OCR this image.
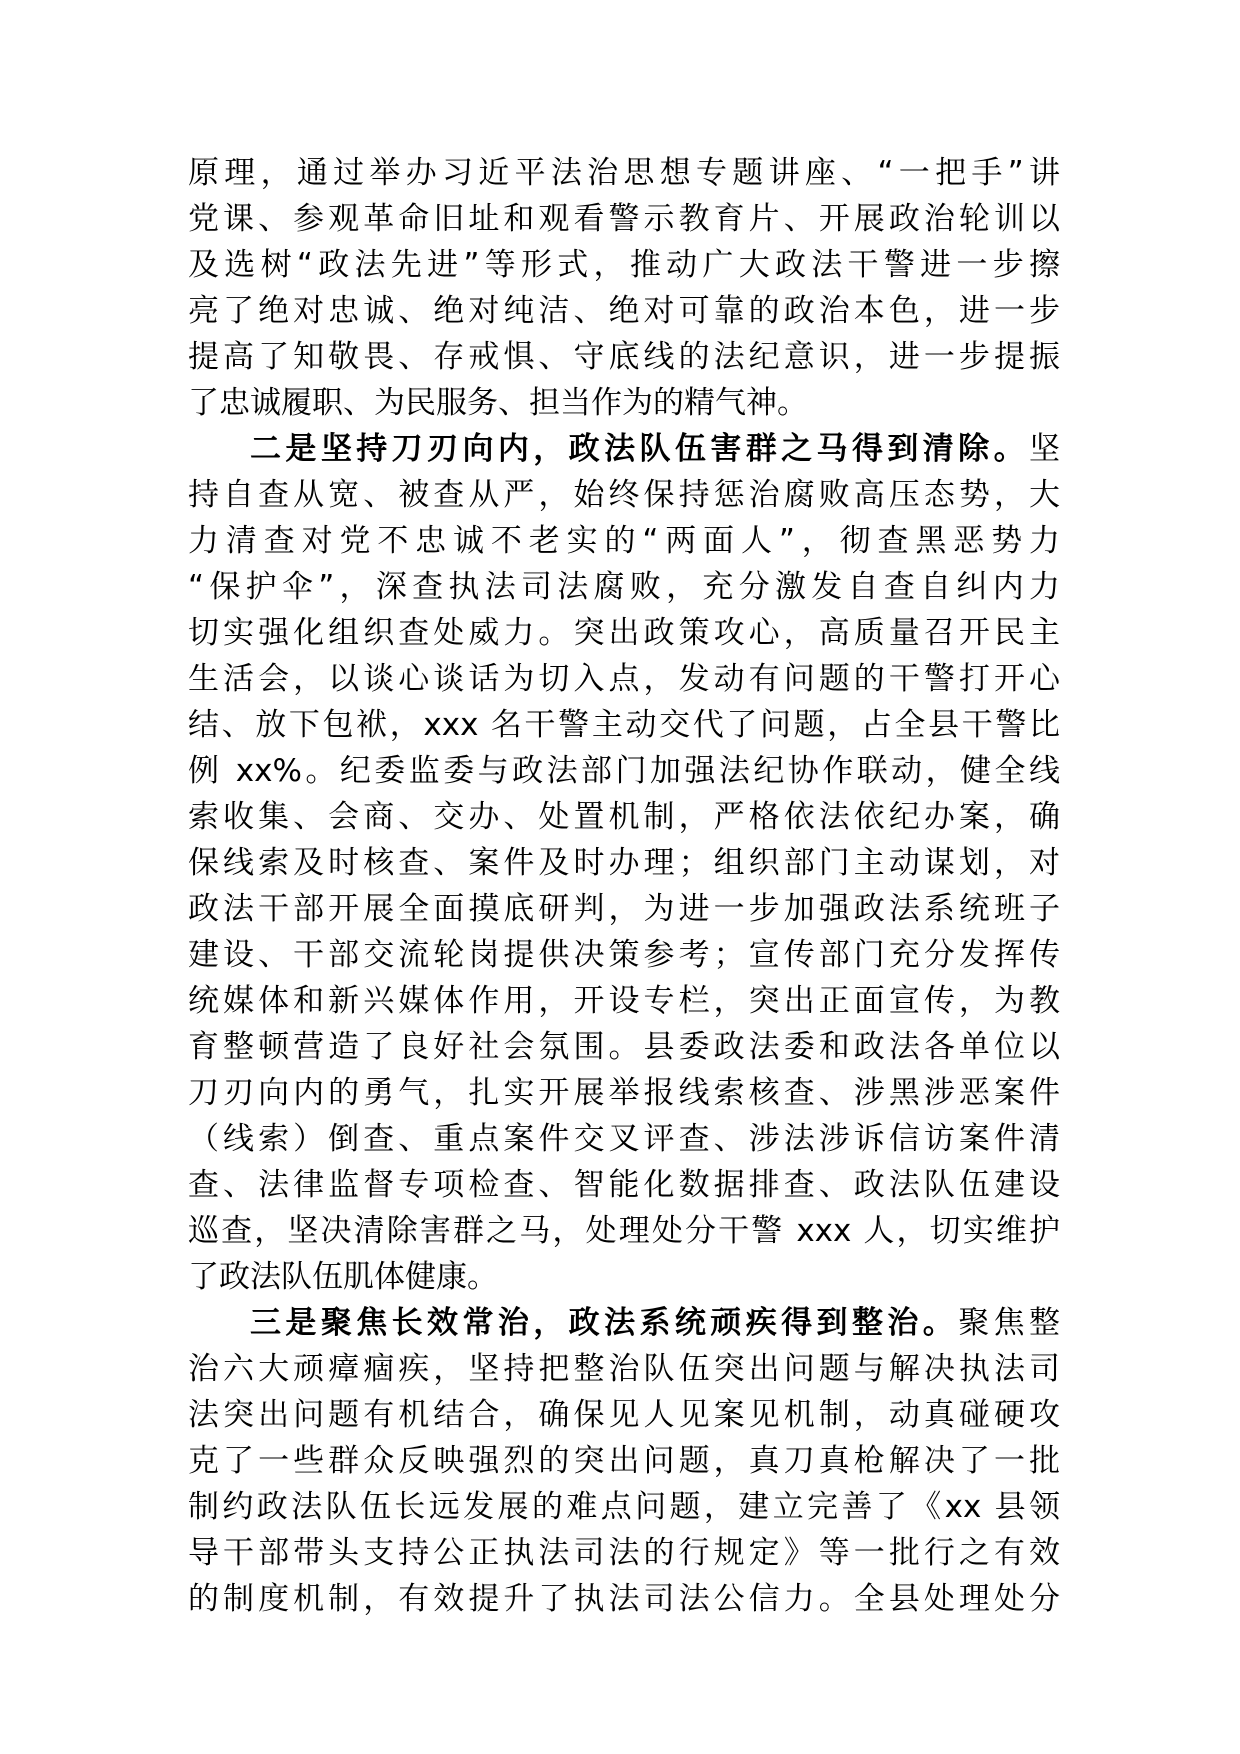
原理，通过举办习近平法治思想专题讲座、“一把手”讲
党课、参观革命旧址和观看警示教育片、开展政治轮训以
及选树“政法先进”等形式，推动广大政法干警进一步擦
亮了绝对忠诚、绝对纯洁、绝对可靠的政治本色，进一步
提高了知敬畏、存戒惧、守底线的法纪意识，进一步提振
了忠诚履职、为民服务、担当作为的精气神。
二是坚持刀刃向内，政法队伍害群之马得到清除。坚
持自查从宽、被查从严，始终保持惩治腐败高压态势，大
力清查对党不忠诚不老实的“两面人”，彻查黑恶势力
“保护伞”，深查执法司法腐败，充分激发自查自纠内力
切实强化组织查处威力。突出政策攻心，高质量召开民主
生活会，以谈心谈话为切入点，发动有问题的干警打开心
结、放下包袱，xxx 名干警主动交代了问题，占全县干警比
例 xx%。纪委监委与政法部门加强法纪协作联动，健全线
索收集、会商、交办、处置机制，严格依法依纪办案，确
保线索及时核查、案件及时办理；组织部门主动谋划，对
政法干部开展全面摸底研判，为进一步加强政法系统班子
建设、干部交流轮岗提供决策参考；宣传部门充分发挥传
统媒体和新兴媒体作用，开设专栏，突出正面宣传，为教
育整顿营造了良好社会氛围。县委政法委和政法各单位以
刀刃向内的勇气，扎实开展举报线索核查、涉黑涉恶案件
（线索）倒查、重点案件交叉评查、涉法涉诉信访案件清
查、法律监督专项检查、智能化数据排查、政法队伍建设
巡查，坚决清除害群之马，处理处分干警 xxx 人，切实维护
了政法队伍肌体健康。
三是聚焦长效常治，政法系统顽疾得到整治。聚焦整
治六大顽瘴痼疾，坚持把整治队伍突出问题与解决执法司
法突出问题有机结合，确保见人见案见机制，动真碰硬攻
克了一些群众反映强烈的突出问题，真刀真枪解决了一批
制约政法队伍长远发展的难点问题，建立完善了《xx 县领
导干部带头支持公正执法司法的行规定》等一批行之有效
的制度机制，有效提升了执法司法公信力。全县处理处分
